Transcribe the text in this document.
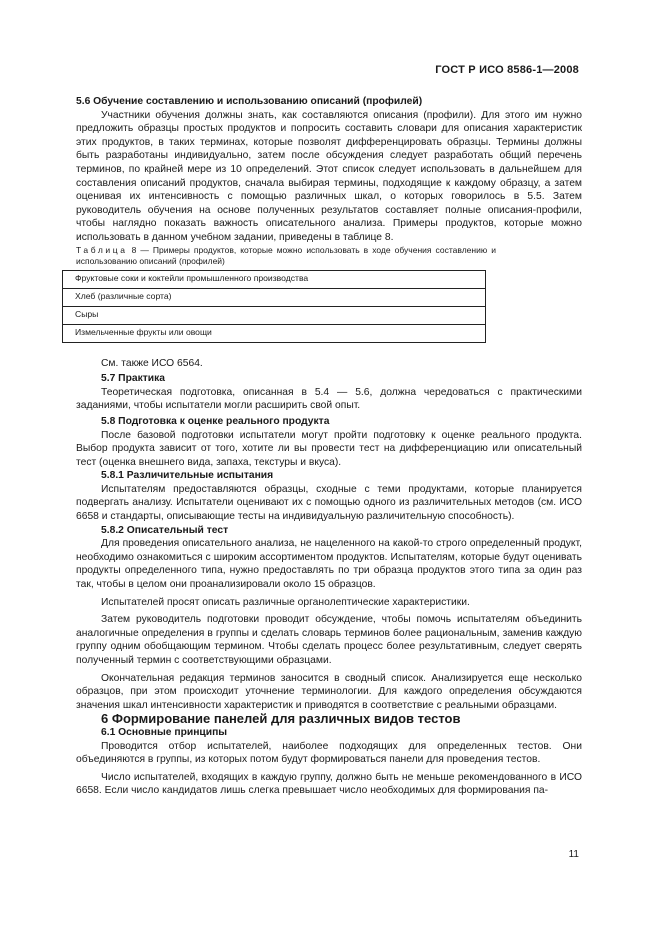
ГОСТ Р ИСО 8586-1—2008

5.6 Обучение составлению и использованию описаний (профилей)

Участники обучения должны знать, как составляются описания (профили). Для этого им нужно предложить образцы простых продуктов и попросить составить словари для описания характеристик этих продуктов, в таких терминах, которые позволят дифференцировать образцы. Термины должны быть разработаны индивидуально, затем после обсуждения следует разработать общий перечень терминов, по крайней мере из 10 определений. Этот список следует использовать в дальнейшем для составления описаний продуктов, сначала выбирая термины, подходящие к каждому образцу, а затем оценивая их интенсивность с помощью различных шкал, о которых говорилось в 5.5. Затем руководитель обучения на основе полученных результатов составляет полные описания-профили, чтобы наглядно показать важность описательного анализа. Примеры продуктов, которые можно использовать в данном учебном задании, приведены в таблице 8.

Таблица 8 — Примеры продуктов, которые можно использовать в ходе обучения составлению и использованию описаний (профилей)

Фруктовые соки и коктейли промышленного производства
Хлеб (различные сорта)
Сыры
Измельченные фрукты или овощи

См. также ИСО 6564.

5.7 Практика

Теоретическая подготовка, описанная в 5.4 — 5.6, должна чередоваться с практическими заданиями, чтобы испытатели могли расширить свой опыт.

5.8 Подготовка к оценке реального продукта

После базовой подготовки испытатели могут пройти подготовку к оценке реального продукта. Выбор продукта зависит от того, хотите ли вы провести тест на дифференциацию или описательный тест (оценка внешнего вида, запаха, текстуры и вкуса).

5.8.1 Различительные испытания

Испытателям предоставляются образцы, сходные с теми продуктами, которые планируется подвергать анализу. Испытатели оценивают их с помощью одного из различительных методов (см. ИСО 6658 и стандарты, описывающие тесты на индивидуальную различительную способность).

5.8.2 Описательный тест

Для проведения описательного анализа, не нацеленного на какой-то строго определенный продукт, необходимо ознакомиться с широким ассортиментом продуктов. Испытателям, которые будут оценивать продукты определенного типа, нужно предоставлять по три образца продуктов этого типа за один раз так, чтобы в целом они проанализировали около 15 образцов.

Испытателей просят описать различные органолептические характеристики.

Затем руководитель подготовки проводит обсуждение, чтобы помочь испытателям объединить аналогичные определения в группы и сделать словарь терминов более рациональным, заменив каждую группу одним обобщающим термином. Чтобы сделать процесс более результативным, следует сверять полученный термин с соответствующими образцами.

Окончательная редакция терминов заносится в сводный список. Анализируется еще несколько образцов, при этом происходит уточнение терминологии. Для каждого определения обсуждаются значения шкал интенсивности характеристик и приводятся в соответствие с реальными образцами.

6 Формирование панелей для различных видов тестов

6.1 Основные принципы

Проводится отбор испытателей, наиболее подходящих для определенных тестов. Они объединяются в группы, из которых потом будут формироваться панели для проведения тестов.

Число испытателей, входящих в каждую группу, должно быть не меньше рекомендованного в ИСО 6658. Если число кандидатов лишь слегка превышает число необходимых для формирования па-

11
